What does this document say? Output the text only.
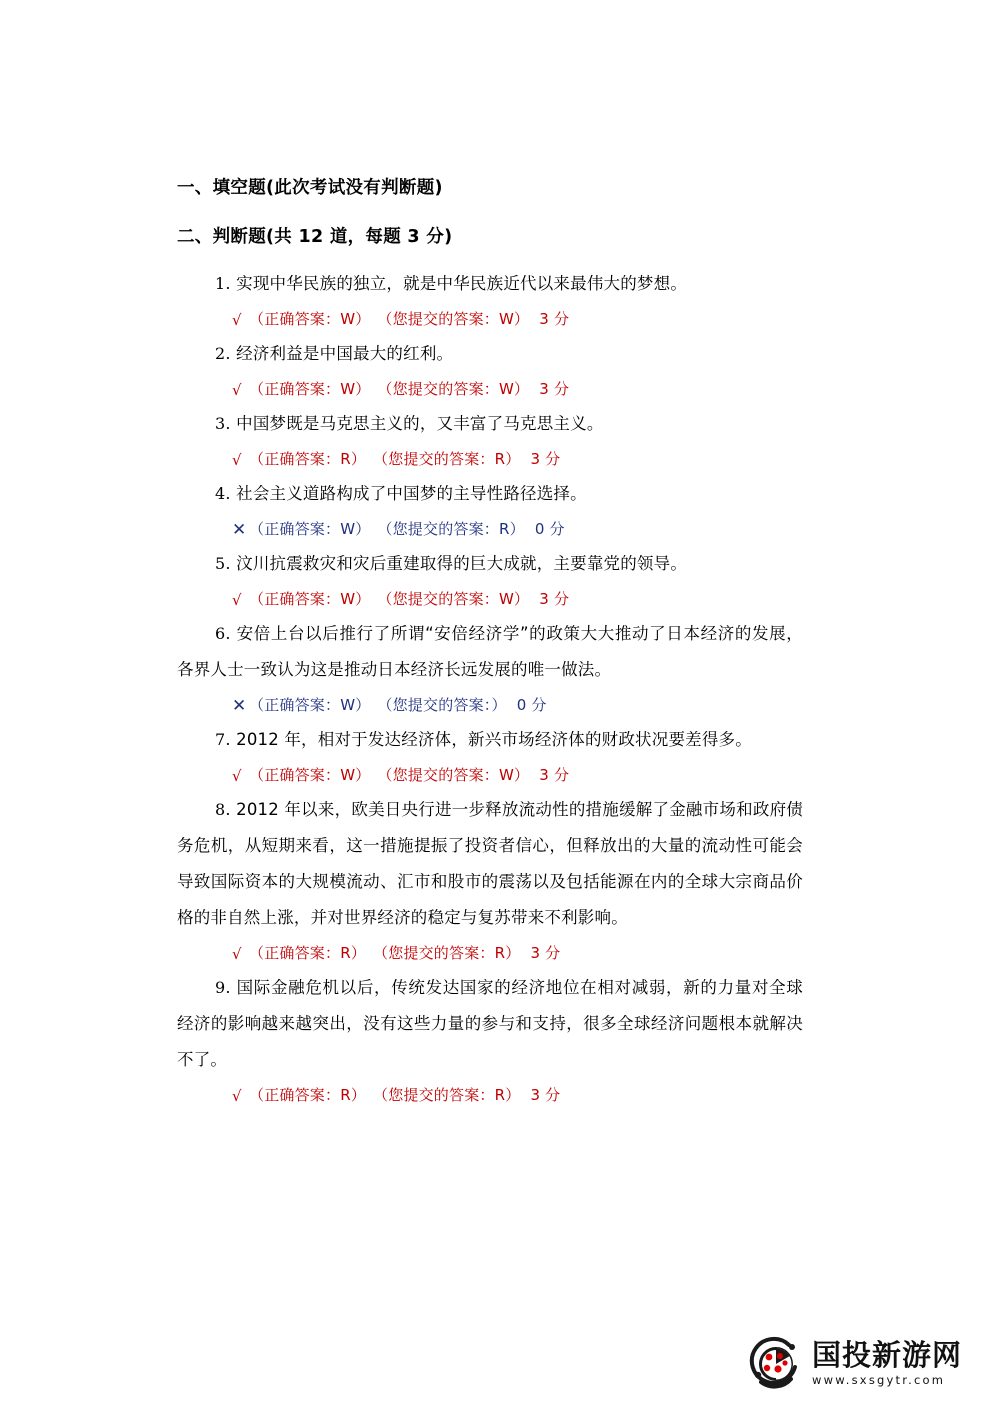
一、填空题(此次考试没有判断题)
二、判断题(共 12 道，每题 3 分)

1. 实现中华民族的独立，就是中华民族近代以来最伟大的梦想。

√ （正确答案：W） （您提交的答案：W） 3 分

2. 经济利益是中国最大的红利。

√ （正确答案：W） （您提交的答案：W） 3 分

3. 中国梦既是马克思主义的，又丰富了马克思主义。

√ （正确答案：R） （您提交的答案：R） 3 分

4. 社会主义道路构成了中国梦的主导性路径选择。

✕ （正确答案：W） （您提交的答案：R） 0 分

5. 汶川抗震救灾和灾后重建取得的巨大成就，主要靠党的领导。

√ （正确答案：W） （您提交的答案：W） 3 分

6. 安倍上台以后推行了所谓“安倍经济学”的政策大大推动了日本经济的发展，各界人士一致认为这是推动日本经济长远发展的唯一做法。

✕ （正确答案：W） （您提交的答案：） 0 分

7. 2012 年，相对于发达经济体，新兴市场经济体的财政状况要差得多。

√ （正确答案：W） （您提交的答案：W） 3 分

8. 2012 年以来，欧美日央行进一步释放流动性的措施缓解了金融市场和政府债务危机，从短期来看，这一措施提振了投资者信心，但释放出的大量的流动性可能会导致国际资本的大规模流动、汇市和股市的震荡以及包括能源在内的全球大宗商品价格的非自然上涨，并对世界经济的稳定与复苏带来不利影响。

√ （正确答案：R） （您提交的答案：R） 3 分

9. 国际金融危机以后，传统发达国家的经济地位在相对减弱，新的力量对全球经济的影响越来越突出，没有这些力量的参与和支持，很多全球经济问题根本就解决不了。

√ （正确答案：R） （您提交的答案：R） 3 分
国投新游网
www.sxsgytr.com
